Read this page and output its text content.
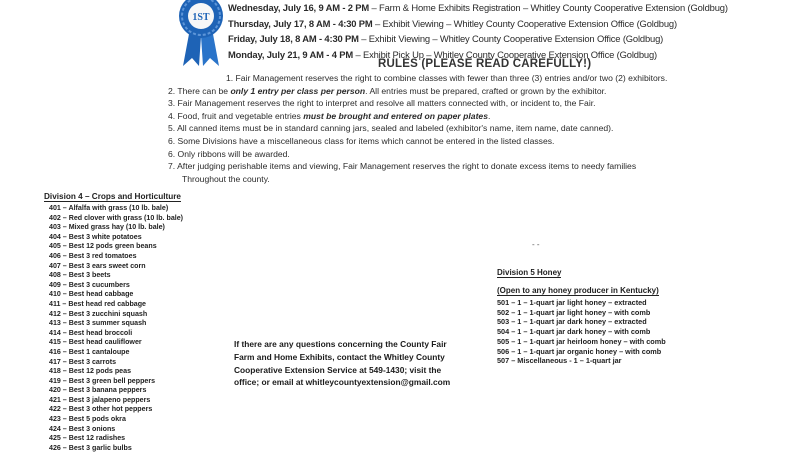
1ST
Wednesday, July 16, 9 AM - 2 PM – Farm & Home Exhibits Registration – Whitley County Cooperative Extension (Goldbug)
Thursday, July 17, 8 AM - 4:30 PM – Exhibit Viewing – Whitley County Cooperative Extension Office (Goldbug)
Friday, July 18, 8 AM - 4:30 PM – Exhibit Viewing – Whitley County Cooperative Extension Office (Goldbug)
Monday, July 21, 9 AM - 4 PM – Exhibit Pick Up – Whitley County Cooperative Extension Office (Goldbug)
RULES (PLEASE READ CAREFULLY!)
1. Fair Management reserves the right to combine classes with fewer than three (3) entries and/or two (2) exhibitors.
2. There can be only 1 entry per class per person. All entries must be prepared, crafted or grown by the exhibitor.
3. Fair Management reserves the right to interpret and resolve all matters connected with, or incident to, the Fair.
4. Food, fruit and vegetable entries must be brought and entered on paper plates.
5. All canned items must be in standard canning jars, sealed and labeled (exhibitor's name, item name, date canned).
6. Some Divisions have a miscellaneous class for items which cannot be entered in the listed classes.
6. Only ribbons will be awarded.
7. After judging perishable items and viewing, Fair Management reserves the right to donate excess items to needy families
Throughout the county.
Division 4 – Crops and Horticulture
401 – Alfalfa with grass (10 lb. bale)
402 – Red clover with grass (10 lb. bale)
403 – Mixed grass hay (10 lb. bale)
404 – Best 3 white potatoes
405 – Best 12 pods green beans
406 – Best 3 red tomatoes
407 – Best 3 ears sweet corn
408 – Best 3 beets
409 – Best 3 cucumbers
410 – Best head cabbage
411 – Best head red cabbage
412 – Best 3 zucchini squash
413 – Best 3 summer squash
414 – Best head broccoli
415 – Best head cauliflower
416 – Best 1 cantaloupe
417 – Best 3 carrots
418 – Best 12 pods peas
419 – Best 3 green bell peppers
420 – Best 3 banana peppers
421 – Best 3 jalapeno peppers
422 – Best 3 other hot peppers
423 – Best 5 pods okra
424 – Best 3 onions
425 – Best 12 radishes
426 – Best 3 garlic bulbs
If there are any questions concerning the County Fair Farm and Home Exhibits, contact the Whitley County Cooperative Extension Service at 549-1430; visit the office; or email at whitleycountyextension@gmail.com
- -
Division 5 Honey
(Open to any honey producer in Kentucky)
501 – 1 – 1-quart jar light honey – extracted
502 – 1 – 1-quart jar light honey – with comb
503 – 1 – 1-quart jar dark honey – extracted
504 – 1 – 1-quart jar dark honey – with comb
505 – 1 – 1-quart jar heirloom honey – with comb
506 – 1 – 1-quart jar organic honey – with comb
507 – Miscellaneous - 1 – 1-quart jar
